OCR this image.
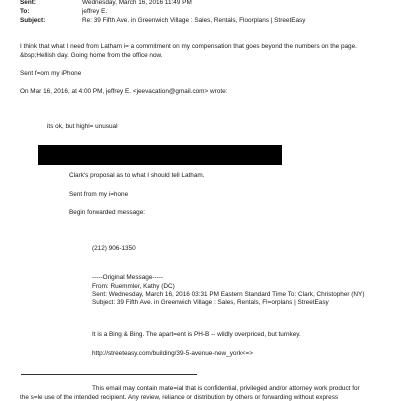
Sent:	Wednesday, March 16, 2016 11:49 PM
To:	jeffrey E.
Subject:	Re: 39 Fifth Ave. in Greenwich Village : Sales, Rentals, Floorplans | StreetEasy
I think that what I need from Latham i= a commitment on my compensation that goes beyond the numbers on the page.
&bsp;Hellish day. Going home from the office now.
Sent f=om my iPhone
On Mar 16, 2016, at 4:00 PM, jeffrey E. <jeevacation@gmail.com> wrote:
its ok, but highl= unusual
Clark's proposal as to what I should tell Latham.
Sent from my i=hone
Begin forwarded message:
(212) 906-1350
-----Original Message-----
From: Ruemmler, Kathy (DC)
Sent: Wednesday, March 16, 2016 03:31 PM Eastern Standard Time To: Clark, Christopher (NY)
Subject: 39 Fifth Ave. in Greenwich Village : Sales, Rentals, Fl=orplans | StreetEasy
It is a Bing & Bing. The apart=ent is PH-B -- wildly overpriced, but turnkey.
http://streeteasy.com/building/39-5-avenue-new_york<=>
This email may contain mate=ial that is confidential, privileged and/or attorney work product for
the s=le use of the intended recipient. Any review, reliance or distribution by others or forwarding without express
